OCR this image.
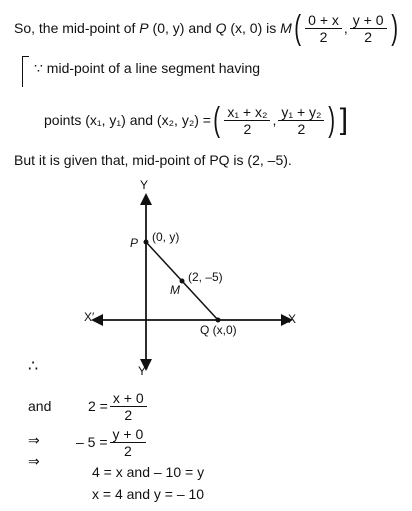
So, the mid-point of
P
(0, y)
and
Q
(x, 0)
is
M ( $\frac{0 + x}{2}$ , $\frac{y + 0}{2}$ )
∵ mid-point of a line segment having
points (x₁, y₁) and (x₂, y₂) = ( $\frac{\text{x₁ + x₂}}{2}$ , $\frac{\text{y₁ + y₂}}{2}$ ) ]
But it is given that, mid-point of PQ is (2, –5).
Y
Y′
X
X′
P (0, y)
M
(2, –5)
Q (x,0)
∴
and	$2 = \frac{x + 0}{2}$
⇒	– $5 = \frac{y + 0}{2}$
⇒
4 = x and – 10 = y
x = 4 and y = – 10
